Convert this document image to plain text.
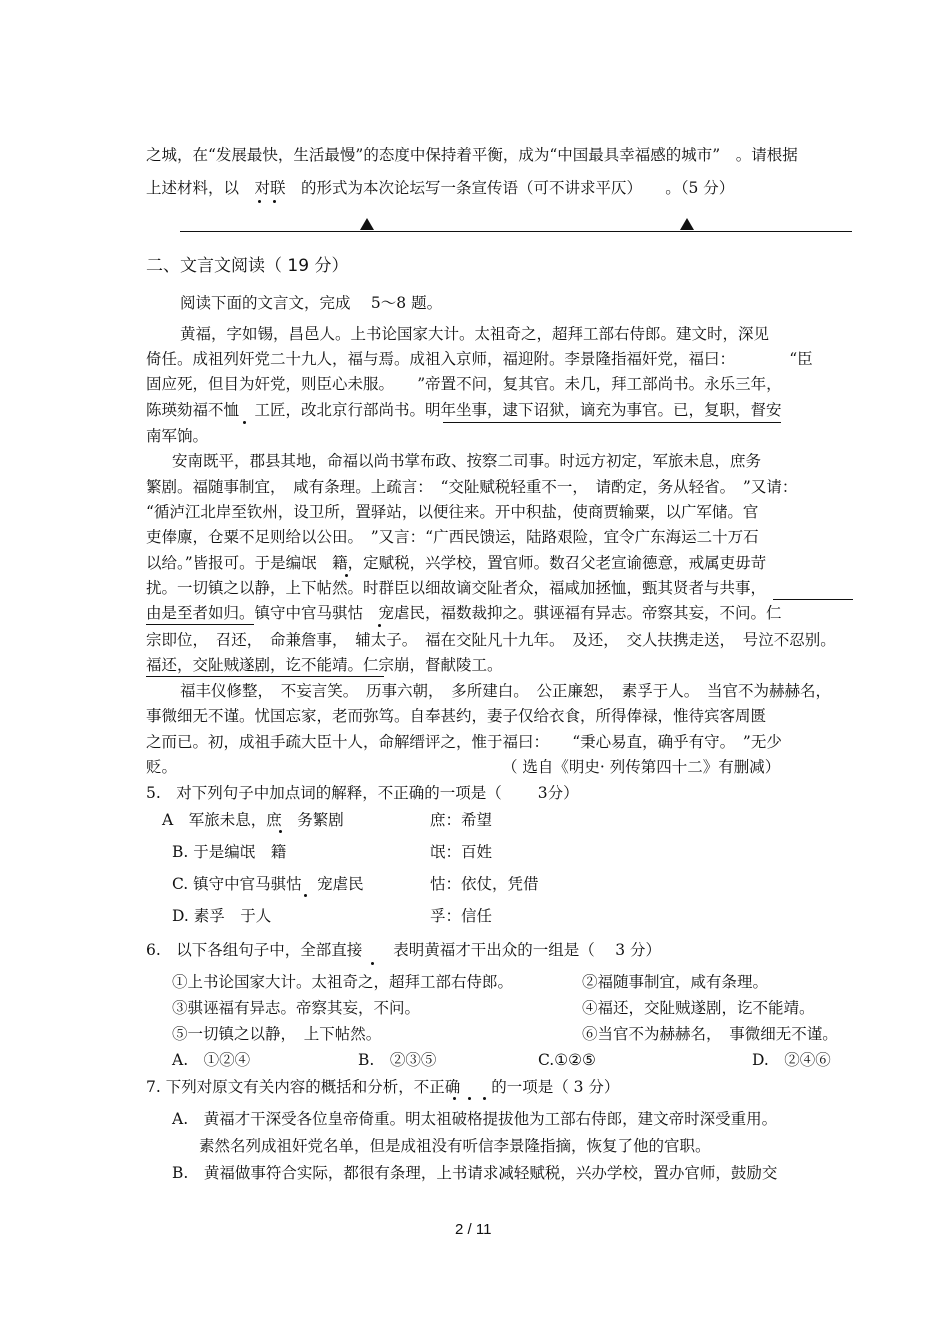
之城，在“发展最快，生活最慢”的态度中保持着平衡，成为“中国最具幸福感的城市”　。请根据
上述材料，以　对联　的形式为本次论坛写一条宣传语（可不讲求平仄）　　。（5 分）
二、文言文阅读（ 19 分）
阅读下面的文言文，完成　 5～8 题。
黄福，字如锡，昌邑人。上书论国家大计。太祖奇之，超拜工部右侍郎。建文时，深见
倚任。成祖列奸党二十九人，福与焉。成祖入京师，福迎附。李景隆指福奸党，福曰：　　　　“臣
固应死，但目为奸党，则臣心未服。　　”帝置不问，复其官。未几，拜工部尚书。永乐三年，
陈瑛劾福不恤　工匠，改北京行部尚书。明年坐事，逮下诏狱，谪充为事官。已，复职，督安
南军饷。
安南既平，郡县其地，命福以尚书掌布政、按察二司事。时远方初定，军旅未息，庶务
繁剧。福随事制宜，　咸有条理。上疏言：　“交阯赋税轻重不一，　请酌定，务从轻省。　”又请：
“循泸江北岸至钦州，设卫所，置驿站，以便往来。开中积盐，使商贾输粟，以广军储。官
吏俸廪，仓粟不足则给以公田。　”又言：“广西民馈运，陆路艰险，宜令广东海运二十万石
以给。”皆报可。于是编氓　籍，定赋税，兴学校，置官师。数召父老宣谕德意，戒属吏毋苛
扰。一切镇之以静，上下帖然。时群臣以细故谪交阯者众，福咸加拯恤，甄其贤者与共事，
由是至者如归。镇守中官马骐怙　宠虐民，福数裁抑之。骐诬福有异志。帝察其妄，不问。仁
宗即位，　召还，　命兼詹事，　辅太子。　福在交阯凡十九年。　及还，　交人扶携走送，　号泣不忍别。
福还，交阯贼遂剧，讫不能靖。仁宗崩，督献陵工。
福丰仪修整，　不妄言笑。　历事六朝，　多所建白。　公正廉恕，　素孚于人。　当官不为赫赫名，
事微细无不谨。忧国忘家，老而弥笃。自奉甚约，妻子仅给衣食，所得俸禄，惟待宾客周匮
之而已。初，成祖手疏大臣十人，命解缙评之，惟于福曰：　　“秉心易直，确乎有守。　”无少
贬。	（ 选自《明史· 列传第四十二》有删减）
5.　对下列句子中加点词的解释，不正确的一项是（　　 3分）
A　军旅未息，庶　务繁剧	庶：希望
B. 于是编氓　籍	氓：百姓
C. 镇守中官马骐怙　宠虐民	怙：依仗，凭借
D. 素孚　于人	孚：信任
6.　以下各组句子中，全部直接　　表明黄福才干出众的一组是（　 3 分）
①上书论国家大计。太祖奇之，超拜工部右侍郎。	②福随事制宜，咸有条理。
③骐诬福有异志。帝察其妄，不问。	④福还，交阯贼遂剧，讫不能靖。
⑤一切镇之以静，　上下帖然。	⑥当官不为赫赫名，　事微细无不谨。
A.　①②④	B.　②③⑤	C.①②⑤	D.　②④⑥
7. 下列对原文有关内容的概括和分析，不正确　　的一项是（ 3 分）
A.　黄福才干深受各位皇帝倚重。明太祖破格提拔他为工部右侍郎，建文帝时深受重用。
素然名列成祖奸党名单，但是成祖没有听信李景隆指摘，恢复了他的官职。
B.　黄福做事符合实际，都很有条理，上书请求减轻赋税，兴办学校，置办官师，鼓励交
2 / 11
